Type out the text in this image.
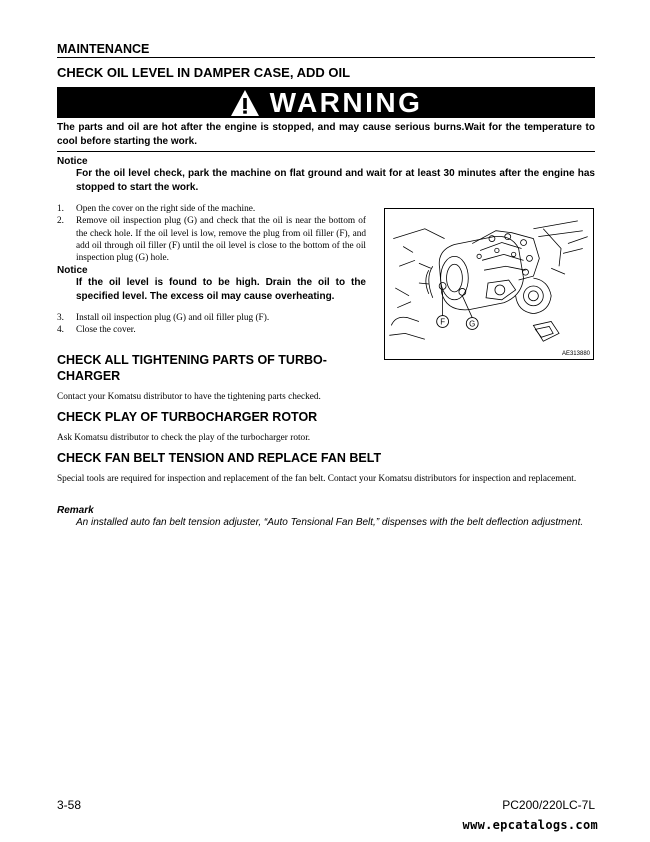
MAINTENANCE
CHECK OIL LEVEL IN DAMPER CASE, ADD OIL
WARNING
The parts and oil are hot after the engine is stopped, and may cause serious burns.Wait for the temperature to cool before starting the work.
Notice
For the oil level check, park the machine on flat ground and wait for at least 30 minutes after the engine has stopped to start the work.
1.	Open the cover on the right side of the machine.
2.	Remove oil inspection plug (G) and check that the oil is near the bottom of the check hole. If the oil level is low, remove the plug from oil filler (F), and add oil through oil filler (F) until the oil level is close to the bottom of the oil inspection plug (G) hole.
Notice
If the oil level is found to be high. Drain the oil to the specified level. The excess oil may cause overheating.
3.	Install oil inspection plug (G) and oil filler plug (F).
4.	Close the cover.
F	G
AE313880
CHECK ALL TIGHTENING PARTS OF TURBO-
CHARGER
Contact your Komatsu distributor to have the tightening parts checked.
CHECK PLAY OF TURBOCHARGER ROTOR
Ask Komatsu distributor to check the play of the turbocharger rotor.
CHECK FAN BELT TENSION AND REPLACE FAN BELT
Special tools are required for inspection and replacement of the fan belt. Contact your Komatsu distributors for inspection and replacement.
Remark
An installed auto fan belt tension adjuster, “Auto Tensional Fan Belt,” dispenses with the belt deflection adjustment.
3-58	PC200/220LC-7L
www.epcatalogs.com
